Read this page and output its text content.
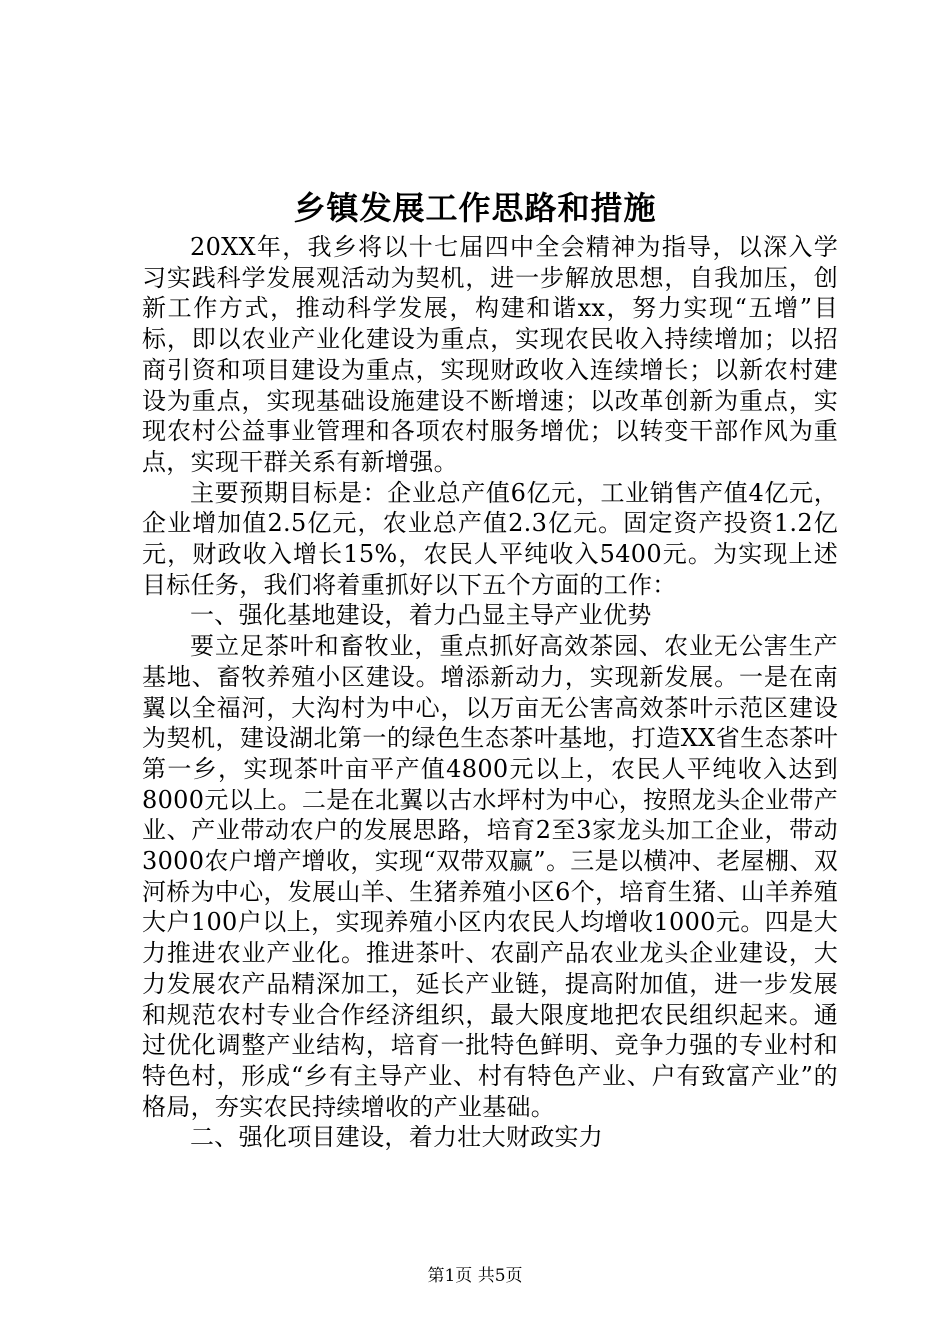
乡镇发展工作思路和措施

20XX年，我乡将以十七届四中全会精神为指导，以深入学习实践科学发展观活动为契机，进一步解放思想，自我加压，创新工作方式，推动科学发展，构建和谐xx，努力实现“五增”目标，即以农业产业化建设为重点，实现农民收入持续增加；以招商引资和项目建设为重点，实现财政收入连续增长；以新农村建设为重点，实现基础设施建设不断增速；以改革创新为重点，实现农村公益事业管理和各项农村服务增优；以转变干部作风为重点，实现干群关系有新增强。

主要预期目标是：企业总产值6亿元，工业销售产值4亿元，企业增加值2.5亿元，农业总产值2.3亿元。固定资产投资1.2亿元，财政收入增长15%，农民人平纯收入5400元。为实现上述目标任务，我们将着重抓好以下五个方面的工作：

一、强化基地建设，着力凸显主导产业优势

要立足茶叶和畜牧业，重点抓好高效茶园、农业无公害生产基地、畜牧养殖小区建设。增添新动力，实现新发展。一是在南翼以全福河，大沟村为中心，以万亩无公害高效茶叶示范区建设为契机，建设湖北第一的绿色生态茶叶基地，打造XX省生态茶叶第一乡，实现茶叶亩平产值4800元以上，农民人平纯收入达到8000元以上。二是在北翼以古水坪村为中心，按照龙头企业带产业、产业带动农户的发展思路，培育2至3家龙头加工企业，带动3000农户增产增收，实现“双带双赢”。三是以横冲、老屋棚、双河桥为中心，发展山羊、生猪养殖小区6个，培育生猪、山羊养殖大户100户以上，实现养殖小区内农民人均增收1000元。四是大力推进农业产业化。推进茶叶、农副产品农业龙头企业建设，大力发展农产品精深加工，延长产业链，提高附加值，进一步发展和规范农村专业合作经济组织，最大限度地把农民组织起来。通过优化调整产业结构，培育一批特色鲜明、竞争力强的专业村和特色村，形成“乡有主导产业、村有特色产业、户有致富产业”的格局，夯实农民持续增收的产业基础。

二、强化项目建设，着力壮大财政实力

第1页 共5页
